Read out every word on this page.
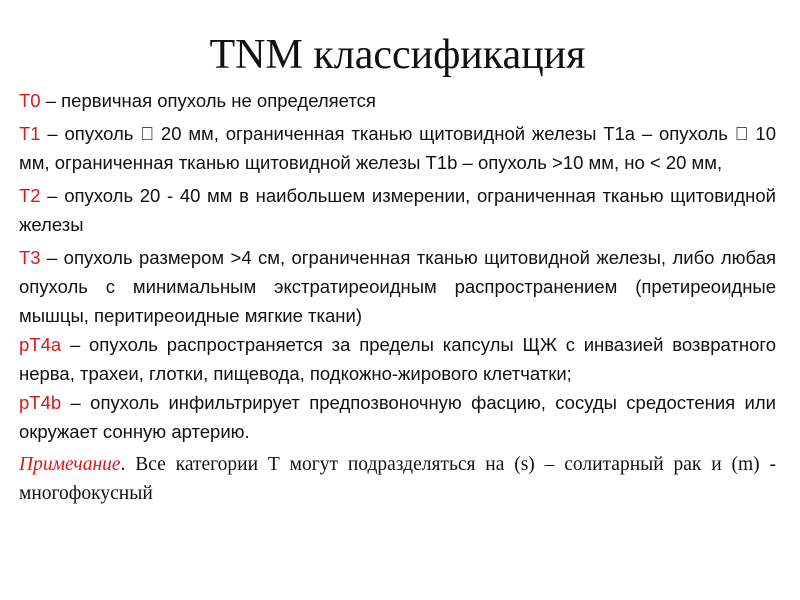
TNM классификация

T0 – первичная опухоль не определяется

T1 – опухоль 20 мм, ограниченная тканью щитовидной железы T1a – опухоль 10 мм, ограниченная тканью щитовидной железы T1b – опухоль >10 мм, но < 20 мм,

T2 – опухоль 20 - 40 мм в наибольшем измерении, ограниченная тканью щитовидной железы

T3 – опухоль размером >4 см, ограниченная тканью щитовидной железы, либо любая опухоль с минимальным экстратиреоидным распространением (претиреоидные мышцы, перитиреоидные мягкие ткани)

pT4a – опухоль распространяется за пределы капсулы ЩЖ с инвазией возвратного нерва, трахеи, глотки, пищевода, подкожно-жирового клетчатки;

pT4b – опухоль инфильтрирует предпозвоночную фасцию, сосуды средостения или окружает сонную артерию.

Примечание. Все категории Т могут подразделяться на (s) – солитарный рак и (m) - многофокусный
